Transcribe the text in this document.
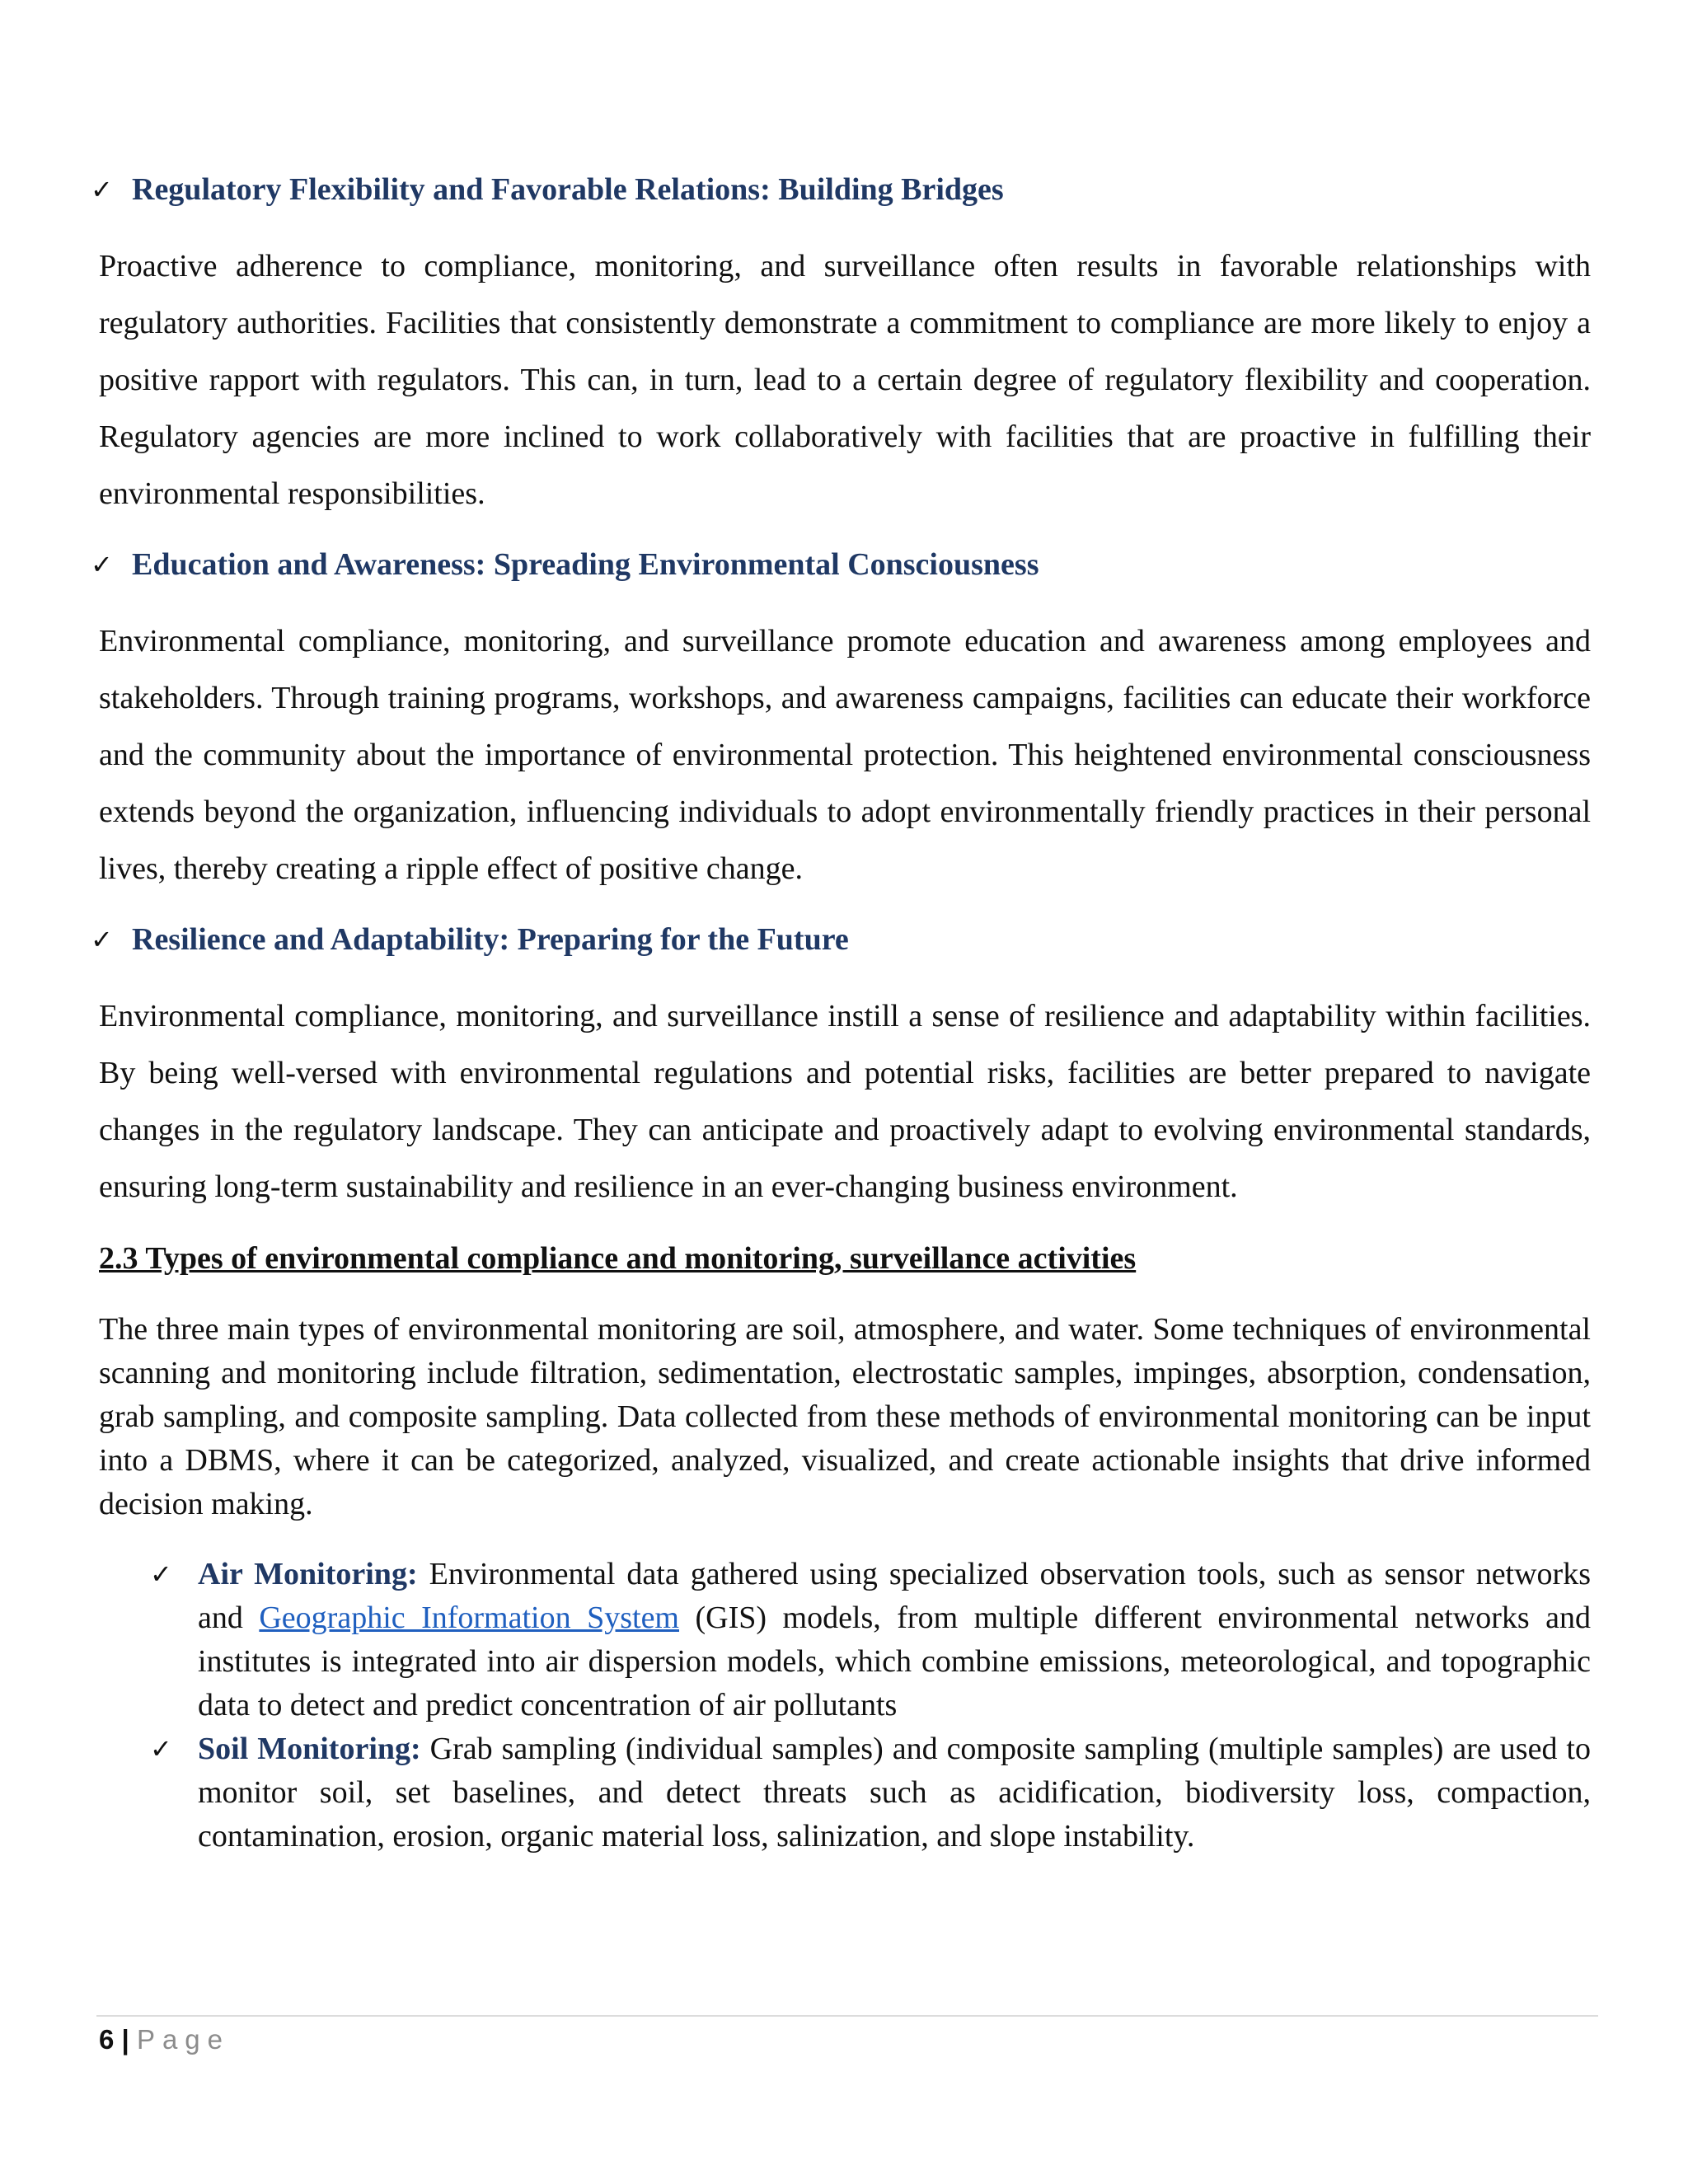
✓ Regulatory Flexibility and Favorable Relations: Building Bridges

Proactive adherence to compliance, monitoring, and surveillance often results in favorable relationships with regulatory authorities. Facilities that consistently demonstrate a commitment to compliance are more likely to enjoy a positive rapport with regulators. This can, in turn, lead to a certain degree of regulatory flexibility and cooperation. Regulatory agencies are more inclined to work collaboratively with facilities that are proactive in fulfilling their environmental responsibilities.

✓ Education and Awareness: Spreading Environmental Consciousness

Environmental compliance, monitoring, and surveillance promote education and awareness among employees and stakeholders. Through training programs, workshops, and awareness campaigns, facilities can educate their workforce and the community about the importance of environmental protection. This heightened environmental consciousness extends beyond the organization, influencing individuals to adopt environmentally friendly practices in their personal lives, thereby creating a ripple effect of positive change.

✓ Resilience and Adaptability: Preparing for the Future

Environmental compliance, monitoring, and surveillance instill a sense of resilience and adaptability within facilities. By being well-versed with environmental regulations and potential risks, facilities are better prepared to navigate changes in the regulatory landscape. They can anticipate and proactively adapt to evolving environmental standards, ensuring long-term sustainability and resilience in an ever-changing business environment.

2.3 Types of environmental compliance and monitoring, surveillance activities

The three main types of environmental monitoring are soil, atmosphere, and water. Some techniques of environmental scanning and monitoring include filtration, sedimentation, electrostatic samples, impinges, absorption, condensation, grab sampling, and composite sampling. Data collected from these methods of environmental monitoring can be input into a DBMS, where it can be categorized, analyzed, visualized, and create actionable insights that drive informed decision making.

✓ Air Monitoring: Environmental data gathered using specialized observation tools, such as sensor networks and Geographic Information System (GIS) models, from multiple different environmental networks and institutes is integrated into air dispersion models, which combine emissions, meteorological, and topographic data to detect and predict concentration of air pollutants
✓ Soil Monitoring: Grab sampling (individual samples) and composite sampling (multiple samples) are used to monitor soil, set baselines, and detect threats such as acidification, biodiversity loss, compaction, contamination, erosion, organic material loss, salinization, and slope instability.
6 | Page
